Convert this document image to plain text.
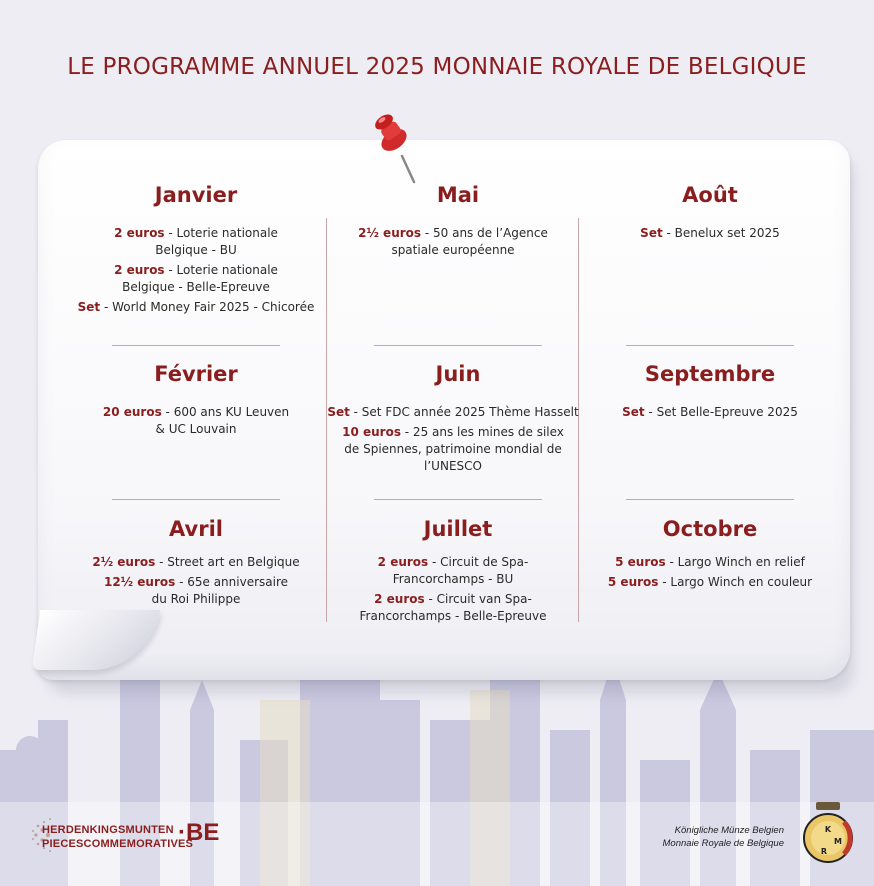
LE PROGRAMME ANNUEL 2025 MONNAIE ROYALE DE BELGIQUE
Janvier
2 euros - Loterie nationale
Belgique - BU
2 euros - Loterie nationale
Belgique - Belle-Epreuve
Set - World Money Fair 2025 - Chicorée
Février
20 euros - 600 ans KU Leuven
& UC Louvain
Avril
2½ euros - Street art en Belgique
12½ euros - 65e anniversaire
du Roi Philippe
Mai
2½ euros - 50 ans de l’Agence
spatiale européenne
Juin
Set - Set FDC année 2025 Thème Hasselt
10 euros - 25 ans les mines de silex
de Spiennes, patrimoine mondial de
l’UNESCO
Juillet
2 euros - Circuit de Spa-
Francorchamps - BU
2 euros - Circuit van Spa-
Francorchamps - Belle-Epreuve
Août
Set - Benelux set 2025
Septembre
Set - Set Belle-Epreuve 2025
Octobre
5 euros - Largo Winch en relief
5 euros - Largo Winch en couleur
HERDENKINGSMUNTEN
PIECESCOMMEMORATIVES
·BE	Königliche Münze Belgien
Monnaie Royale de Belgique
K
M
R
